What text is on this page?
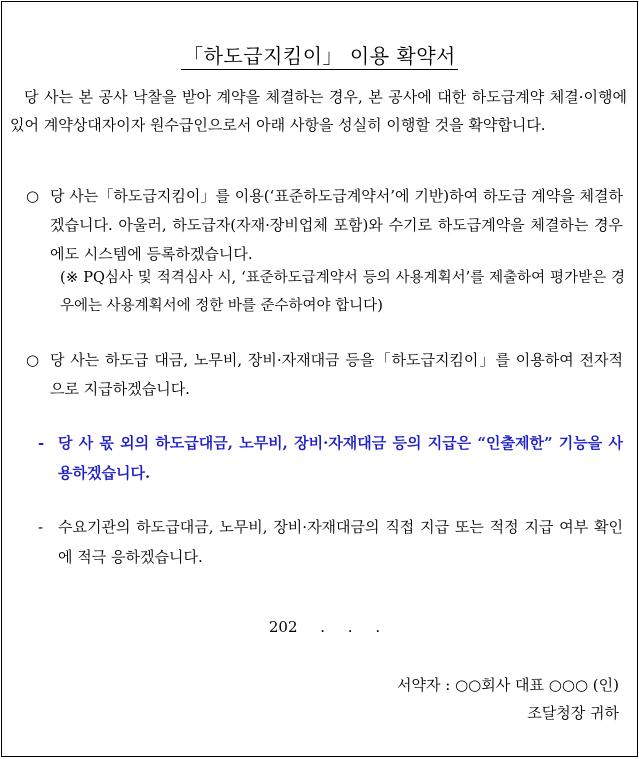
「하도급지킴이」 이용 확약서
당 사는 본 공사 낙찰을 받아 계약을 체결하는 경우, 본 공사에 대한 하도급계약 체결·이행에 있어 계약상대자이자 원수급인으로서 아래 사항을 성실히 이행할 것을 확약합니다.
○ 당 사는「하도급지킴이」를 이용(‘표준하도급계약서’에 기반)하여 하도급 계약을 체결하겠습니다. 아울러, 하도급자(자재·장비업체 포함)와 수기로 하도급계약을 체결하는 경우에도 시스템에 등록하겠습니다.
(※ PQ심사 및 적격심사 시, ‘표준하도급계약서 등의 사용계획서’를 제출하여 평가받은 경우에는 사용계획서에 정한 바를 준수하여야 합니다)
○ 당 사는 하도급 대금, 노무비, 장비·자재대금 등을「하도급지킴이」를 이용하여 전자적으로 지급하겠습니다.
- 당 사 몫 외의 하도급대금, 노무비, 장비·자재대금 등의 지급은 “인출제한” 기능을 사용하겠습니다.
- 수요기관의 하도급대금, 노무비, 장비·자재대금의 직접 지급 또는 적정 지급 여부 확인에 적극 응하겠습니다.
202 . . .
서약자 : ○○회사 대표 ○○○ (인)
조달청장 귀하
